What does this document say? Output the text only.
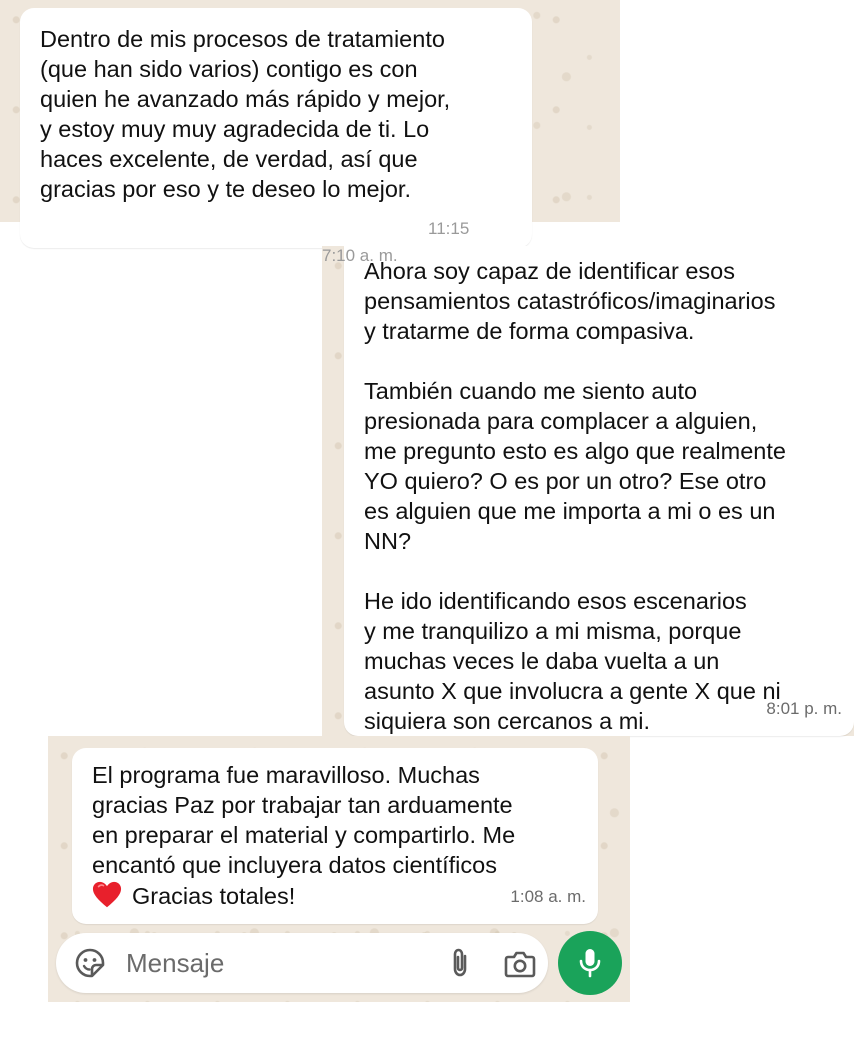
Dentro de mis procesos de tratamiento
(que han sido varios) contigo es con
quien he avanzado más rápido y mejor,
y estoy muy muy agradecida de ti. Lo
haces excelente, de verdad, así que
gracias por eso y te deseo lo mejor.
11:15
Ahora soy capaz de identificar esos
pensamientos catastróficos/imaginarios
y tratarme de forma compasiva.

También cuando me siento auto
presionada para complacer a alguien,
me pregunto esto es algo que realmente
YO quiero? O es por un otro? Ese otro
es alguien que me importa a mi o es un
NN?

He ido identificando esos escenarios
y me tranquilizo a mi misma, porque
muchas veces le daba vuelta a un
asunto X que involucra a gente X que ni
siquiera son cercanos a mi.	8:01 p. m.
7:10 a. m.
El programa fue maravilloso. Muchas
gracias Paz por trabajar tan arduamente
en preparar el material y compartirlo. Me
encantó que incluyera datos científicos
Gracias totales!	1:08 a. m.
Mensaje
